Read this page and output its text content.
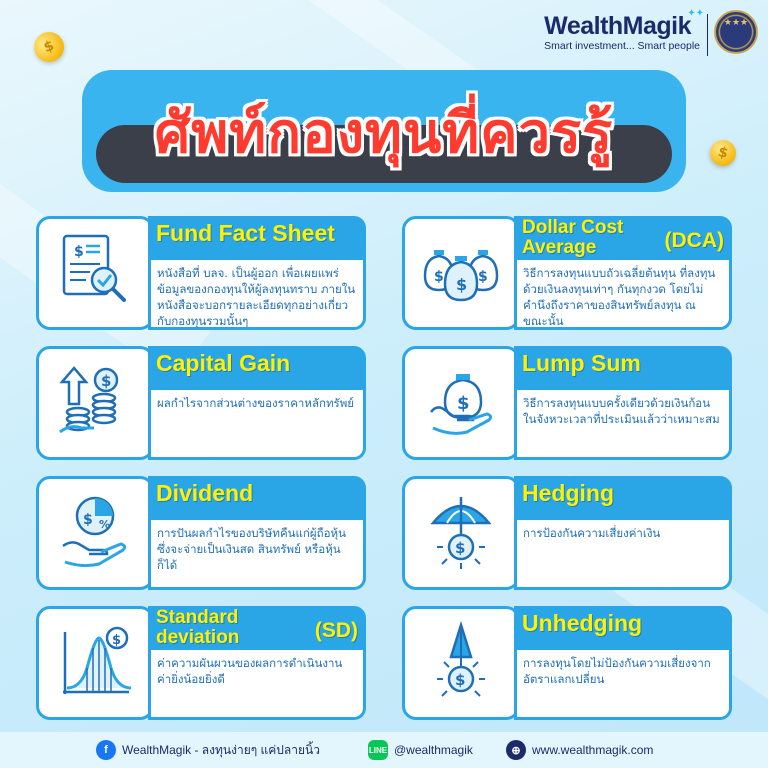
$
$
WealthMagik
Smart investment... Smart people
✦✦
★★★
ศัพท์กองทุนที่ควรรู้
$
Fund Fact Sheet
หนังสือที่ บลจ. เป็นผู้ออก เพื่อเผยแพร่ข้อมูลของกองทุนให้ผู้ลงทุนทราบ ภายในหนังสือจะบอกรายละเอียดทุกอย่างเกี่ยวกับกองทุนรวมนั้นๆ
$ $
$
Dollar Cost
Average	(DCA)
วิธีการลงทุนแบบถัวเฉลี่ยต้นทุน ที่ลงทุนด้วยเงินลงทุนเท่าๆ กันทุกงวด โดยไม่คำนึงถึงราคาของสินทรัพย์ลงทุน ณ ขณะนั้น
$
Capital Gain
ผลกำไรจากส่วนต่างของราคาหลักทรัพย์	$
Lump Sum
วิธีการลงทุนแบบครั้งเดียวด้วยเงินก้อนในจังหวะเวลาที่ประเมินแล้วว่าเหมาะสม
$ %
Dividend
การปันผลกำไรของบริษัทคืนแก่ผู้ถือหุ้น ซึ่งจะจ่ายเป็นเงินสด สินทรัพย์ หรือหุ้นก็ได้
$
Hedging
การป้องกันความเสี่ยงค่าเงิน
$
Standard
deviation	(SD)
ค่าความผันผวนของผลการดำเนินงาน ค่ายิ่งน้อยยิ่งดี	$
Unhedging
การลงทุนโดยไม่ป้องกันความเสี่ยงจากอัตราแลกเปลี่ยน
f	WealthMagik - ลงทุนง่ายๆ แค่ปลายนิ้ว	LINE @wealthmagik	⊕ www.wealthmagik.com
